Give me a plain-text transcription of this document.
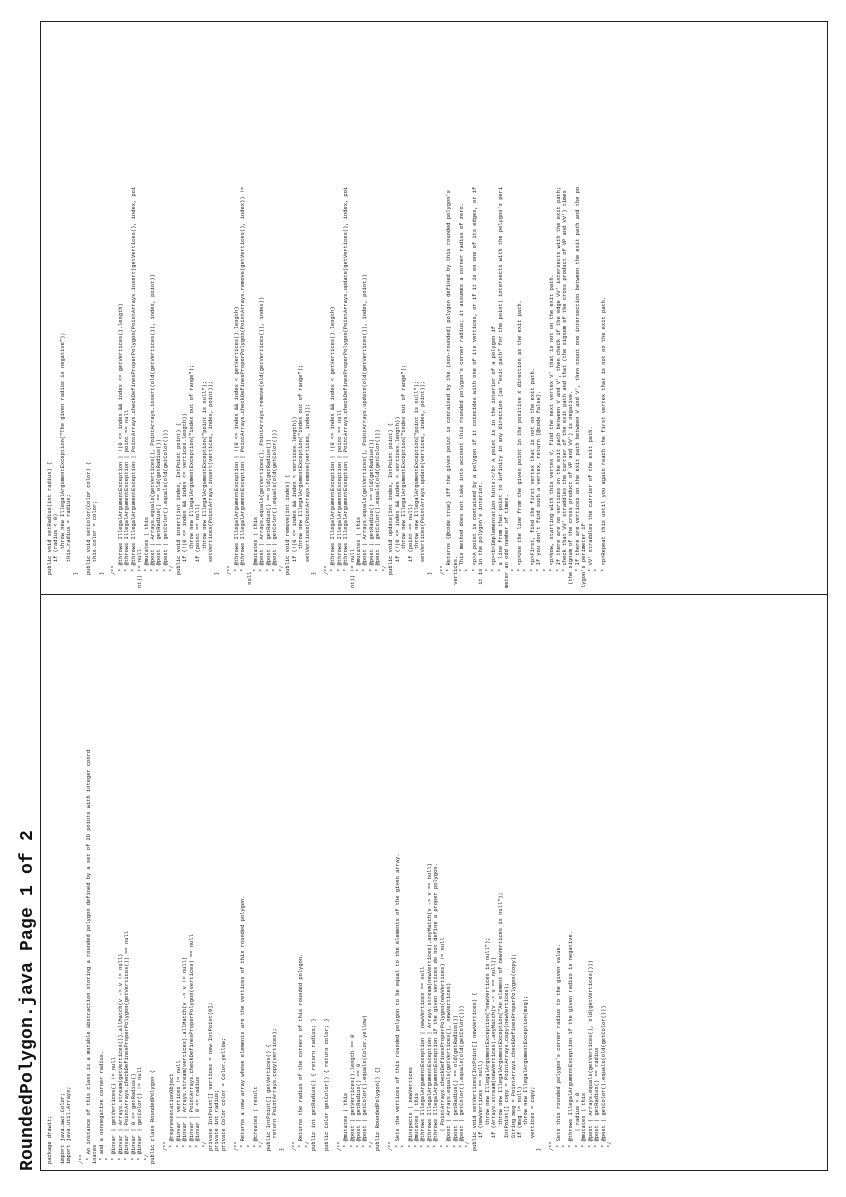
RoundedPolygon.java Page 1 of 2 package drawit;
import java.awt.Color; import java.util.Arrays;
/** * An instance of this class is a mutable abstraction storing a rounded polygon defined by a set of 2D points with integer coord inates * and a nonnegative corner radius. * * @invar | getVertices() != null * @invar | Arrays.stream(getVertices()).allMatch(v -> v != null) * @invar | PointArrays.checkDefinesProperPolygon(getVertices()) == null * @invar | 0 <= getRadius() * @invar | getColor() != null */ public class RoundedPolygon {
/** * @representationObject * @invar | vertices != null * @invar | Arrays.stream(vertices).allMatch(v -> v != null) * @invar | PointArrays.checkDefinesProperPolygon(vertices) == null * @invar | 0 <= radius */ private IntPoint[] vertices = new IntPoint[0]; private int radius; private Color color = Color.yellow;
/** * Returns a new array whose elements are the vertices of this rounded polygon. * * @creates | result */ public IntPoint[] getVertices() { return PointArrays.copy(vertices); }
/** * Returns the radius of the corners of this rounded polygon. */ public int getRadius() { return radius; }
public Color getColor() { return color; }
/** * @mutates | this * @post | getVertices().length == 0 * @post | getRadius() == 0 * @post | getColor().equals(Color.yellow) */ public RoundedPolygon() {}
/** * Sets the vertices of this rounded polygon to be equal to the elements of the given array. * * @inspects | newVertices * @mutates | this * @throws IllegalArgumentException | newVertices == null * @throws IllegalArgumentException | Arrays.stream(newVertices).anyMatch(v -> v == null) * @throws IllegalArgumentException if the given vertices do not define a proper polygon. *    | PointArrays.checkDefinesProperPolygon(newVertices) != null * @post | Arrays.equals(getVertices(), newVertices) * @post | getRadius() == old(getRadius()) * @post | getColor().equals(old(getColor())) */ public void setVertices(IntPoint[] newVertices) { if (newVertices == null) throw new IllegalArgumentException("newVertices is null"); if (Arrays.stream(newVertices).anyMatch(v -> v == null)) throw new IllegalArgumentException("An element of newVertices is null"); IntPoint[] copy = PointArrays.copy(newVertices); String msg = PointArrays.checkDefinesProperPolygon(copy); if (msg != null) throw new IllegalArgumentException(msg); vertices = copy; }
/** * Sets this rounded polygon's corner radius to the given value. * * @throws IllegalArgumentException if the given radius is negative. *    | radius < 0 * @mutates | this * @post | Arrays.equals(getVertices(), old(getVertices())) * @post | getRadius() == radius * @post | getColor().equals(old(getColor())) */
public void setRadius(int radius) { if (radius < 0) throw new IllegalArgumentException("The given radius is negative"); this.radius = radius; }
public void setColor(Color color) { this.color = color; }
/** * @throws IllegalArgumentException | !(0 <= index && index <= getVertices().length) * @throws IllegalArgumentException | point == null * @throws IllegalArgumentException | PointArrays.checkDefinesProperPolygon(PointArrays.insert(getVertices(), index, poi nt)) != null * @mutates | this * @post | Arrays.equals(getVertices(), PointArrays.insert(old(getVertices()), index, point)) * @post | getRadius() == old(getRadius()) * @post | getColor().equals(old(getColor())) */ public void insert(int index, IntPoint point) { if (!(0 <= index && index <= vertices.length)) throw new IllegalArgumentException("index out of range"); if (point == null) throw new IllegalArgumentException("point is null"); setVertices(PointArrays.insert(vertices, index, point)); }
/** * @throws IllegalArgumentException | !(0 <= index && index < getVertices().length) * @throws IllegalArgumentException | PointArrays.checkDefinesProperPolygon(PointArrays.remove(getVertices(), index)) != null * @mutates | this * @post | Arrays.equals(getVertices(), PointArrays.remove(old(getVertices()), index)) * @post | getRadius() == old(getRadius()) * @post | getColor().equals(old(getColor())) */ public void remove(int index) { if (!(0 <= index && index < vertices.length)) throw new IllegalArgumentException("index out of range"); setVertices(PointArrays.remove(vertices, index)); }
/** * @throws IllegalArgumentException | !(0 <= index && index < getVertices().length) * @throws IllegalArgumentException | point == null * @throws IllegalArgumentException | PointArrays.checkDefinesProperPolygon(PointArrays.update(getVertices(), index, poi nt)) != null * @mutates | this * @post | Arrays.equals(getVertices(), PointArrays.update(old(getVertices()), index, point)) * @post | getRadius() == old(getRadius()) * @post | getColor().equals(old(getColor())) */ public void update(int index, IntPoint point) { if (!(0 <= index && index < vertices.length)) throw new IllegalArgumentException("index out of range"); if (point == null) throw new IllegalArgumentException("point is null"); setVertices(PointArrays.update(vertices, index, point)); }
/** * Returns {@code true} iff the given point is contained by the (non-rounded) polygon defined by this rounded polygon's vertices. * This method does not take into account this rounded polygon's corner radius; it assumes a corner radius of zero. * * <p>A point is contained by a polygon if it coincides with one of its vertices, or if it is on one of its edges, or if it is in the polygon's interior. * * <p><b>Implementation hints:</b> A point is in the interior of a polygon if * a line from that point to infinity in any direction (an "exit path" for the point) intersects with the polygon's peri meter an odd number of times. * * <p>Use the line from the given point in the positive X direction as the exit path. * * <p>First, find the first vertex that is not on the exit path. * If you don't find such a vertex, return {@code false}. * * <p>Now, starting with this vertex V, find the next vertex V' that is not on the exit path. * If there are no vertices on the exit path between V and V', then check if the edge VV' intersects with the exit path; * check that VV' straddles the carrier of the exit path and that (the signum of the cross product of VP and VV') times (the signum of the cross product of VP and VV') is negative. * If there are vertices on the exit path between V and V', then count one intersection between the exit path and the po lygon's perimeter if * VV' straddles the carrier of the exit path. * * <p>Repeat this until you again reach the first vertex that is not on the exit path.
